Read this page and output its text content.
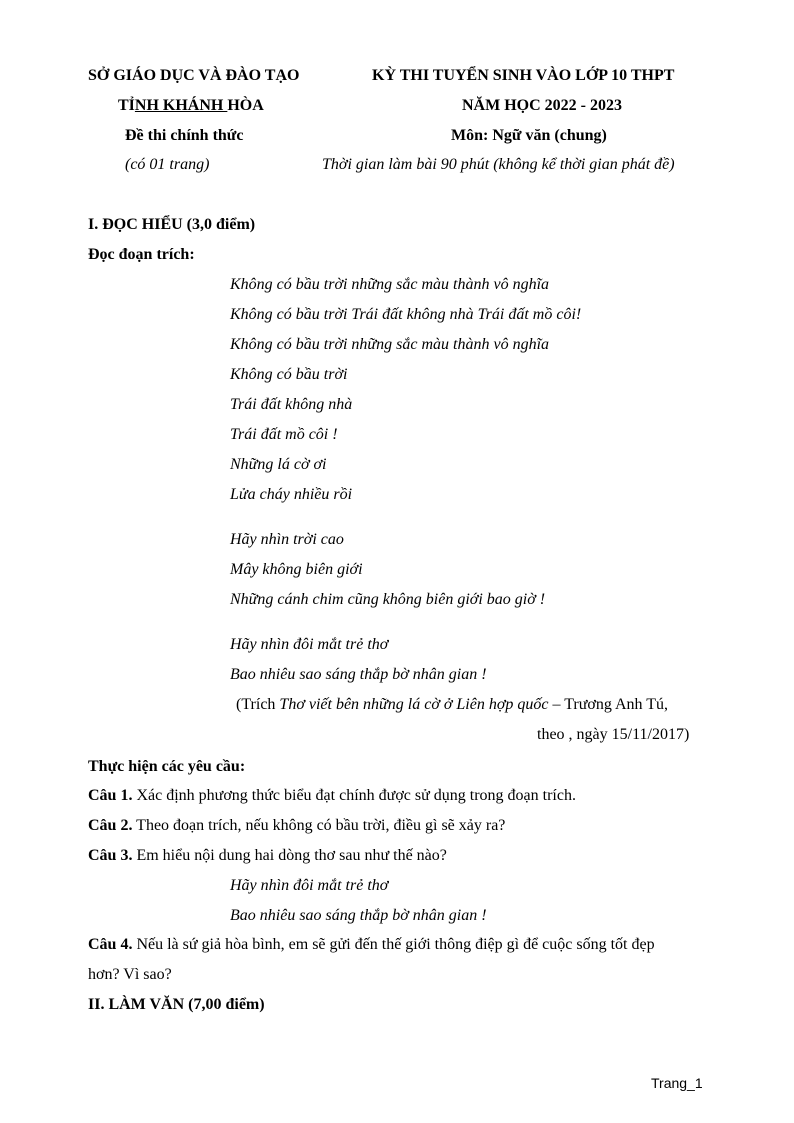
SỞ GIÁO DỤC VÀ ĐÀO TẠO
TỈNH KHÁNH HÒA
Đề thi chính thức
(có 01 trang)
KỲ THI TUYỂN SINH VÀO LỚP 10 THPT
NĂM HỌC 2022 - 2023
Môn: Ngữ văn (chung)
Thời gian làm bài 90 phút (không kể thời gian phát đề)
I. ĐỌC HIỂU (3,0 điểm)
Đọc đoạn trích:
Không có bầu trời những sắc màu thành vô nghĩa
Không có bầu trời Trái đất không nhà Trái đất mồ côi!
Không có bầu trời những sắc màu thành vô nghĩa
Không có bầu trời
Trái đất không nhà
Trái đất mồ côi !
Những lá cờ ơi
Lửa cháy nhiều rồi
Hãy nhìn trời cao
Mây không biên giới
Những cánh chim cũng không biên giới bao giờ !
Hãy nhìn đôi mắt trẻ thơ
Bao nhiêu sao sáng thắp bờ nhân gian !
(Trích Thơ viết bên những lá cờ ở Liên hợp quốc – Trương Anh Tú,
theo , ngày 15/11/2017)
Thực hiện các yêu cầu:
Câu 1. Xác định phương thức biểu đạt chính được sử dụng trong đoạn trích.
Câu 2. Theo đoạn trích, nếu không có bầu trời, điều gì sẽ xảy ra?
Câu 3. Em hiểu nội dung hai dòng thơ sau như thế nào?
Hãy nhìn đôi mắt trẻ thơ
Bao nhiêu sao sáng thắp bờ nhân gian !
Câu 4. Nếu là sứ giả hòa bình, em sẽ gửi đến thế giới thông điệp gì để cuộc sống tốt đẹp
hơn? Vì sao?
II. LÀM VĂN (7,00 điểm)
Trang_1
